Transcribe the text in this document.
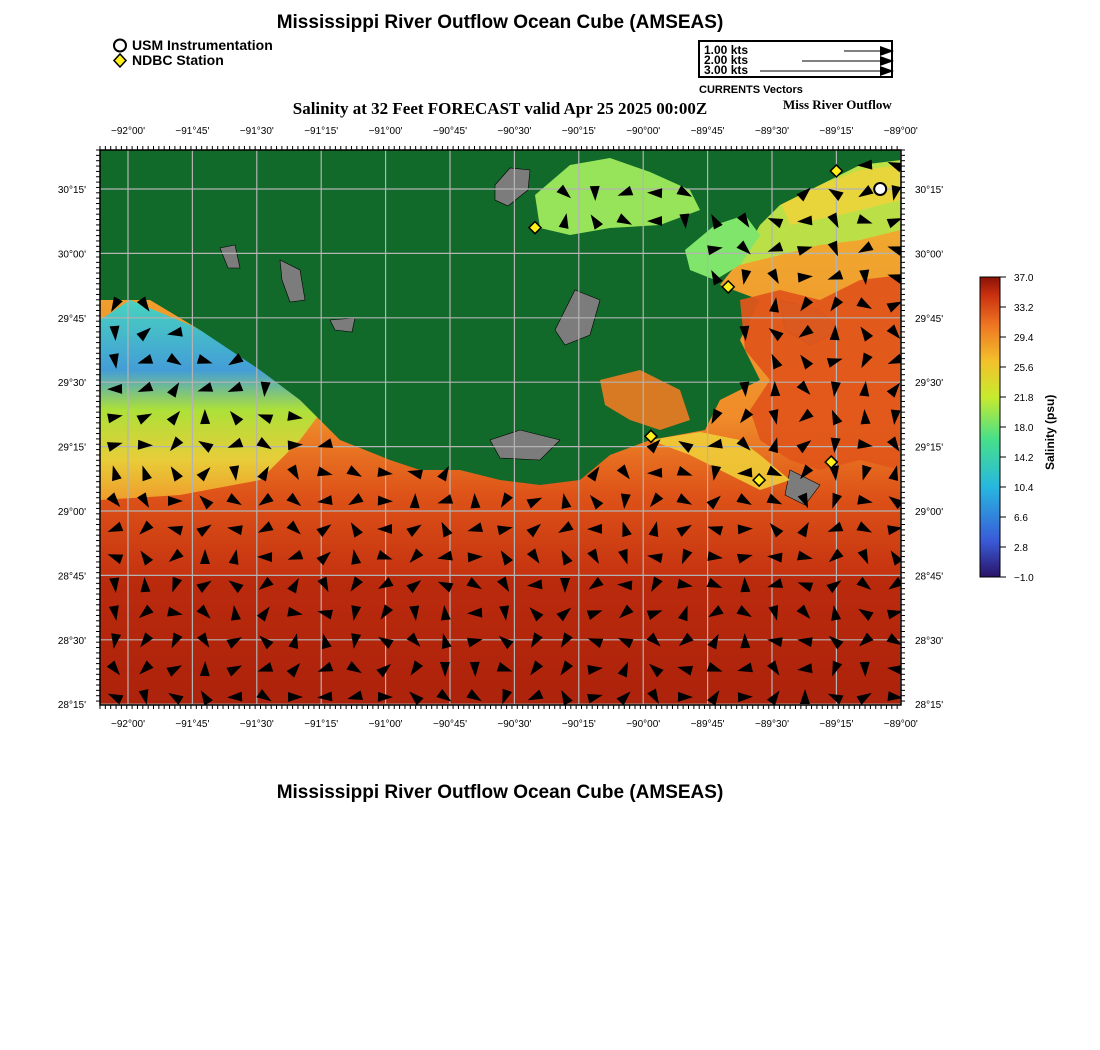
Mississippi River Outflow Ocean Cube (AMSEAS)
USM Instrumentation
NDBC Station
1.00 kts
2.00 kts
3.00 kts
CURRENTS Vectors
Salinity at 32 Feet FORECAST valid Apr 25 2025 00:00Z	Miss River Outflow
−92°00'	−91°45'	−91°30'	−91°15'	−91°00'	−90°45'	−90°30'	−90°15'	−90°00'	−89°45'	−89°30'	−89°15'	−89°00'
−92°00'	−91°45'	−91°30'	−91°15'	−91°00'	−90°45'	−90°30'	−90°15'	−90°00'	−89°45'	−89°30'	−89°15'	−89°00'
30°15'
30°00'
29°45'
29°30'
29°15'
29°00'
28°45'
28°30'
28°15'
30°15'
30°00'
29°45'
29°30'
29°15'
29°00'
28°45'
28°30'
28°15'
37.0
33.2
29.4
25.6
21.8
18.0
14.2
10.4
6.6
2.8
−1.0
Salinity (psu)
Mississippi River Outflow Ocean Cube (AMSEAS)
